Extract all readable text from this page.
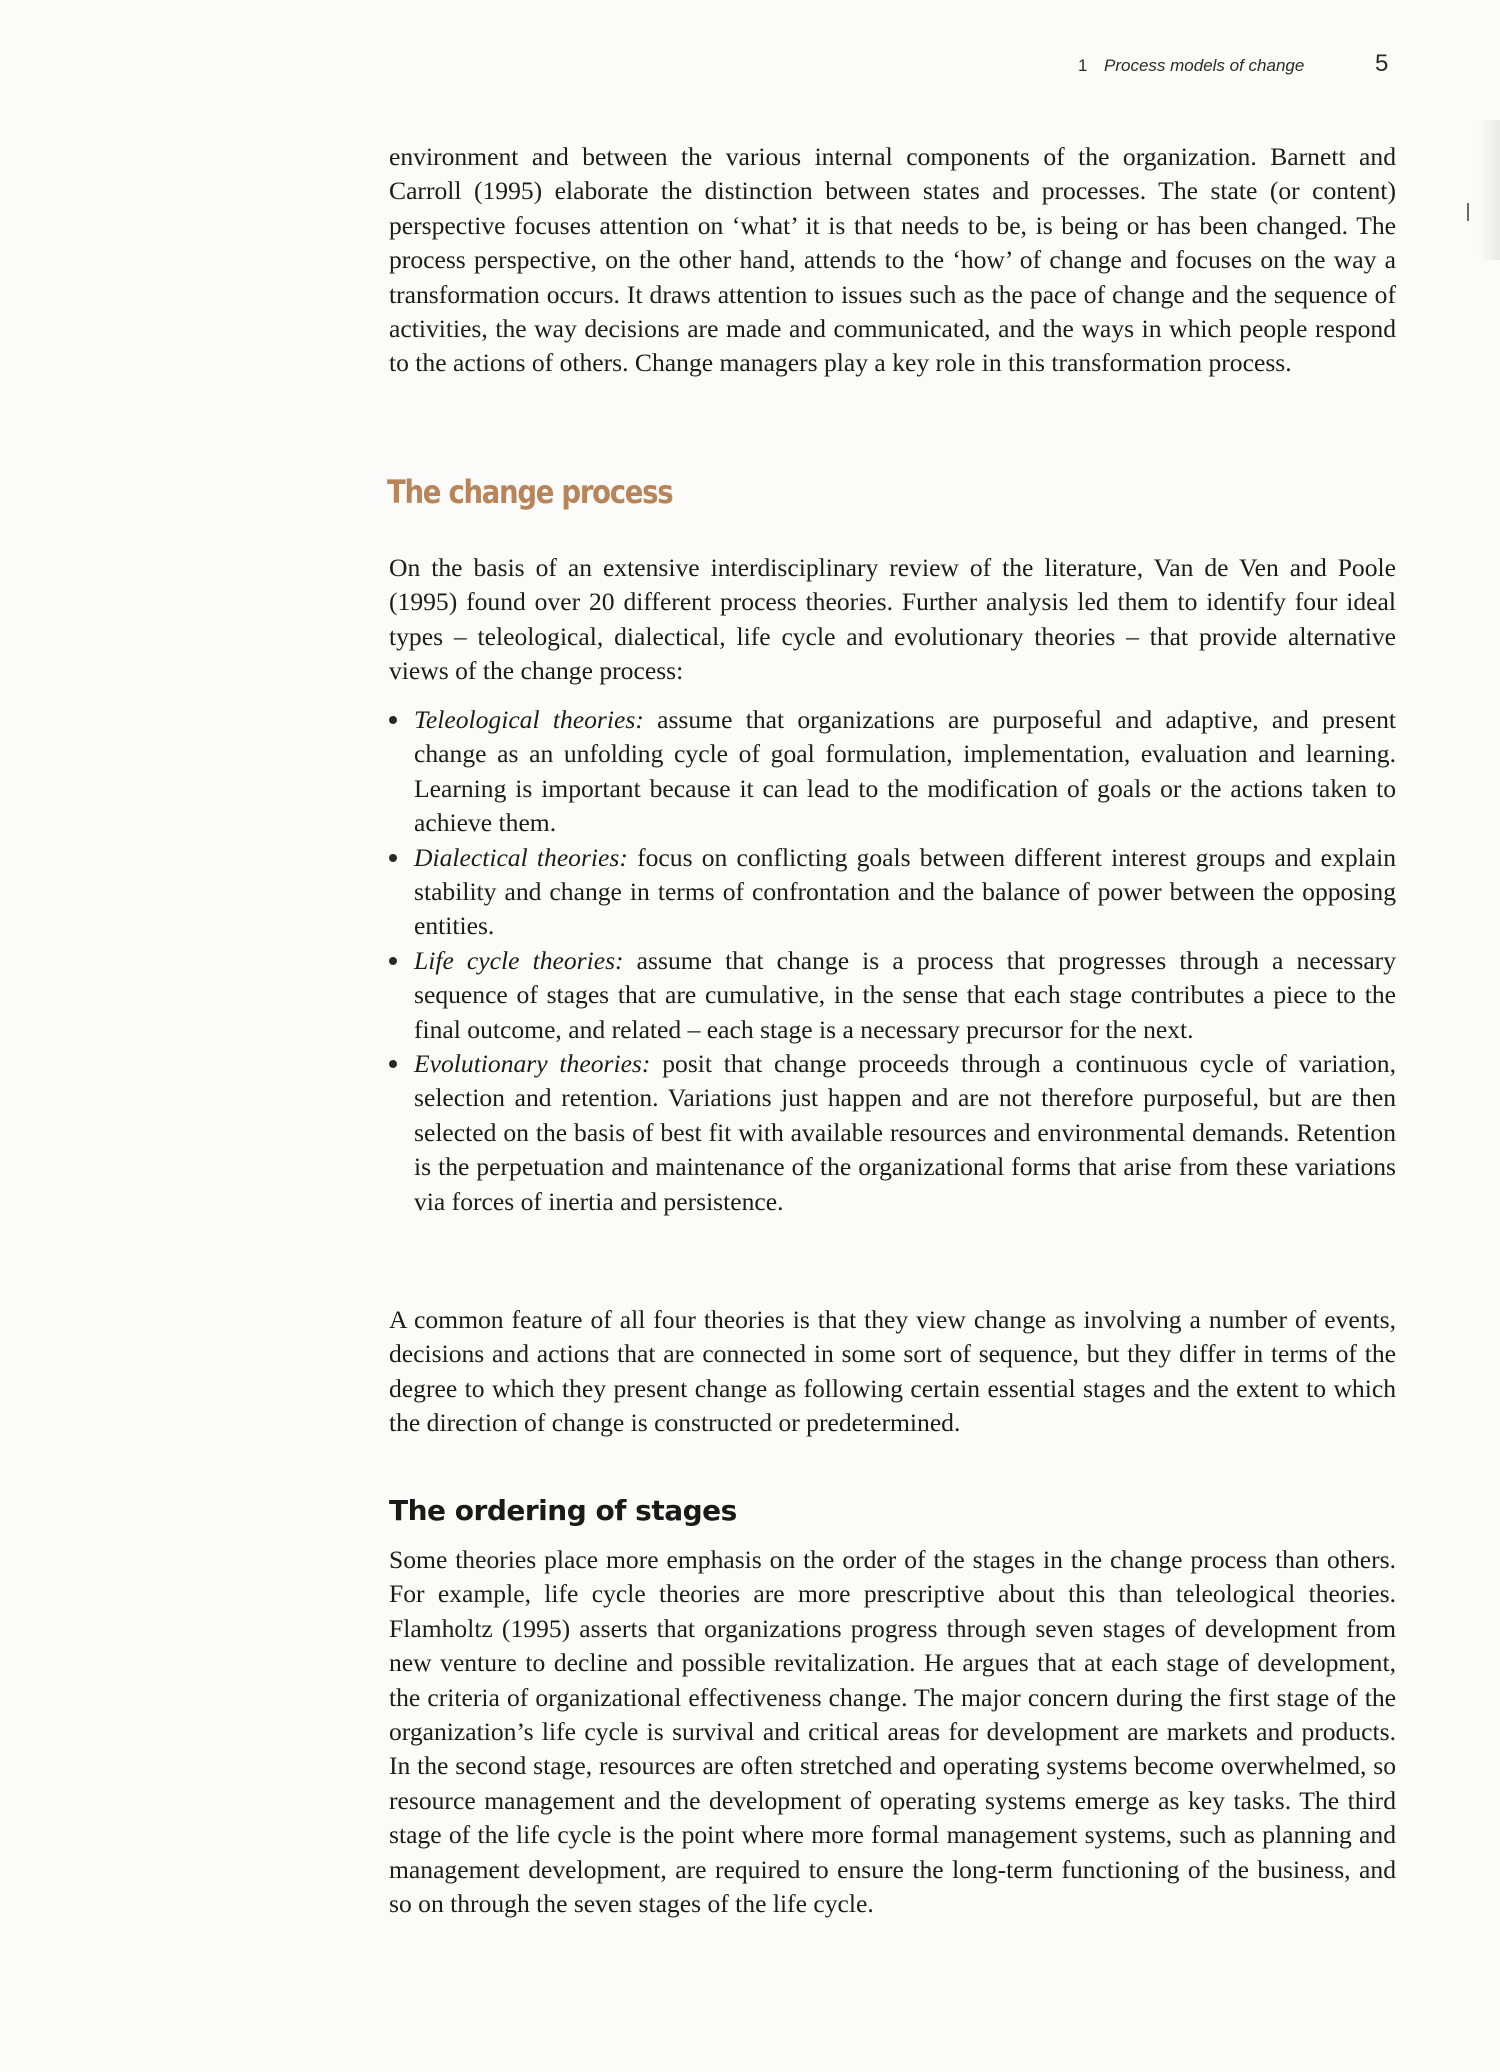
1 Process models of change	5

environment and between the various internal components of the organization. Barnett and Carroll (1995) elaborate the distinction between states and processes. The state (or content) perspective focuses attention on ‘what’ it is that needs to be, is being or has been changed. The process perspective, on the other hand, attends to the ‘how’ of change and focuses on the way a transformation occurs. It draws attention to issues such as the pace of change and the sequence of activities, the way decisions are made and communicated, and the ways in which people respond to the actions of others. Change managers play a key role in this transformation process.

The change process

On the basis of an extensive interdisciplinary review of the literature, Van de Ven and Poole (1995) found over 20 different process theories. Further analysis led them to identify four ideal types – teleological, dialectical, life cycle and evolutionary theories – that provide alternative views of the change process:

Teleological theories: assume that organizations are purposeful and adaptive, and present change as an unfolding cycle of goal formulation, implementation, evaluation and learning. Learning is important because it can lead to the modification of goals or the actions taken to achieve them.
Dialectical theories: focus on conflicting goals between different interest groups and explain stability and change in terms of confrontation and the balance of power between the opposing entities.
Life cycle theories: assume that change is a process that progresses through a necessary sequence of stages that are cumulative, in the sense that each stage contributes a piece to the final outcome, and related – each stage is a necessary precursor for the next.
Evolutionary theories: posit that change proceeds through a continuous cycle of variation, selection and retention. Variations just happen and are not therefore purposeful, but are then selected on the basis of best fit with available resources and environmental demands. Retention is the perpetuation and maintenance of the organizational forms that arise from these variations via forces of inertia and persistence.

A common feature of all four theories is that they view change as involving a number of events, decisions and actions that are connected in some sort of sequence, but they differ in terms of the degree to which they present change as following certain essential stages and the extent to which the direction of change is constructed or predetermined.

The ordering of stages

Some theories place more emphasis on the order of the stages in the change process than others. For example, life cycle theories are more prescriptive about this than teleological theories. Flamholtz (1995) asserts that organizations progress through seven stages of development from new venture to decline and possible revitalization. He argues that at each stage of development, the criteria of organizational effectiveness change. The major concern during the first stage of the organization’s life cycle is survival and critical areas for development are markets and products. In the second stage, resources are often stretched and operating systems become overwhelmed, so resource management and the development of operating systems emerge as key tasks. The third stage of the life cycle is the point where more formal management systems, such as planning and management development, are required to ensure the long-term functioning of the business, and so on through the seven stages of the life cycle.
